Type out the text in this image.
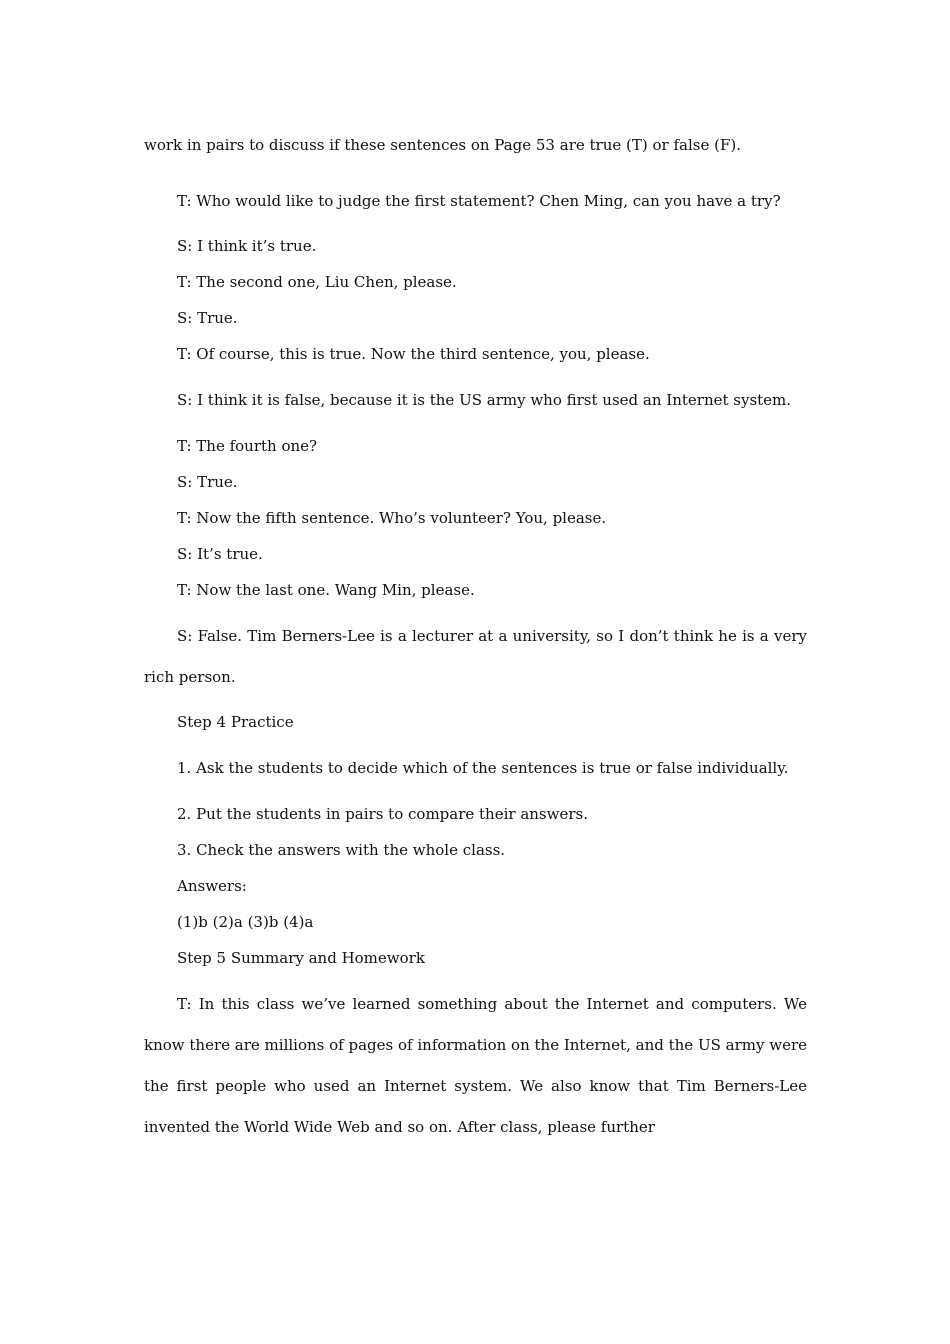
work in pairs to discuss if these sentences on Page 53 are true (T) or false (F).

T: Who would like to judge the first statement? Chen Ming, can you have a try?

S: I think it’s true.

T: The second one, Liu Chen, please.

S: True.

T: Of course, this is true. Now the third sentence, you, please.

S: I think it is false, because it is the US army who first used an Internet system.

T: The fourth one?

S: True.

T: Now the fifth sentence. Who’s volunteer? You, please.

S: It’s true.

T: Now the last one. Wang Min, please.

S: False. Tim Berners-Lee is a lecturer at a university, so I don’t think he is a very rich person.

Step 4 Practice

1. Ask the students to decide which of the sentences is true or false individually.

2. Put the students in pairs to compare their answers.

3. Check the answers with the whole class.

Answers:

(1)b (2)a (3)b (4)a

Step 5 Summary and Homework

T: In this class we’ve learned something about the Internet and computers. We know there are millions of pages of information on the Internet, and the US army were the first people who used an Internet system. We also know that Tim Berners-Lee invented the World Wide Web and so on. After class, please further
